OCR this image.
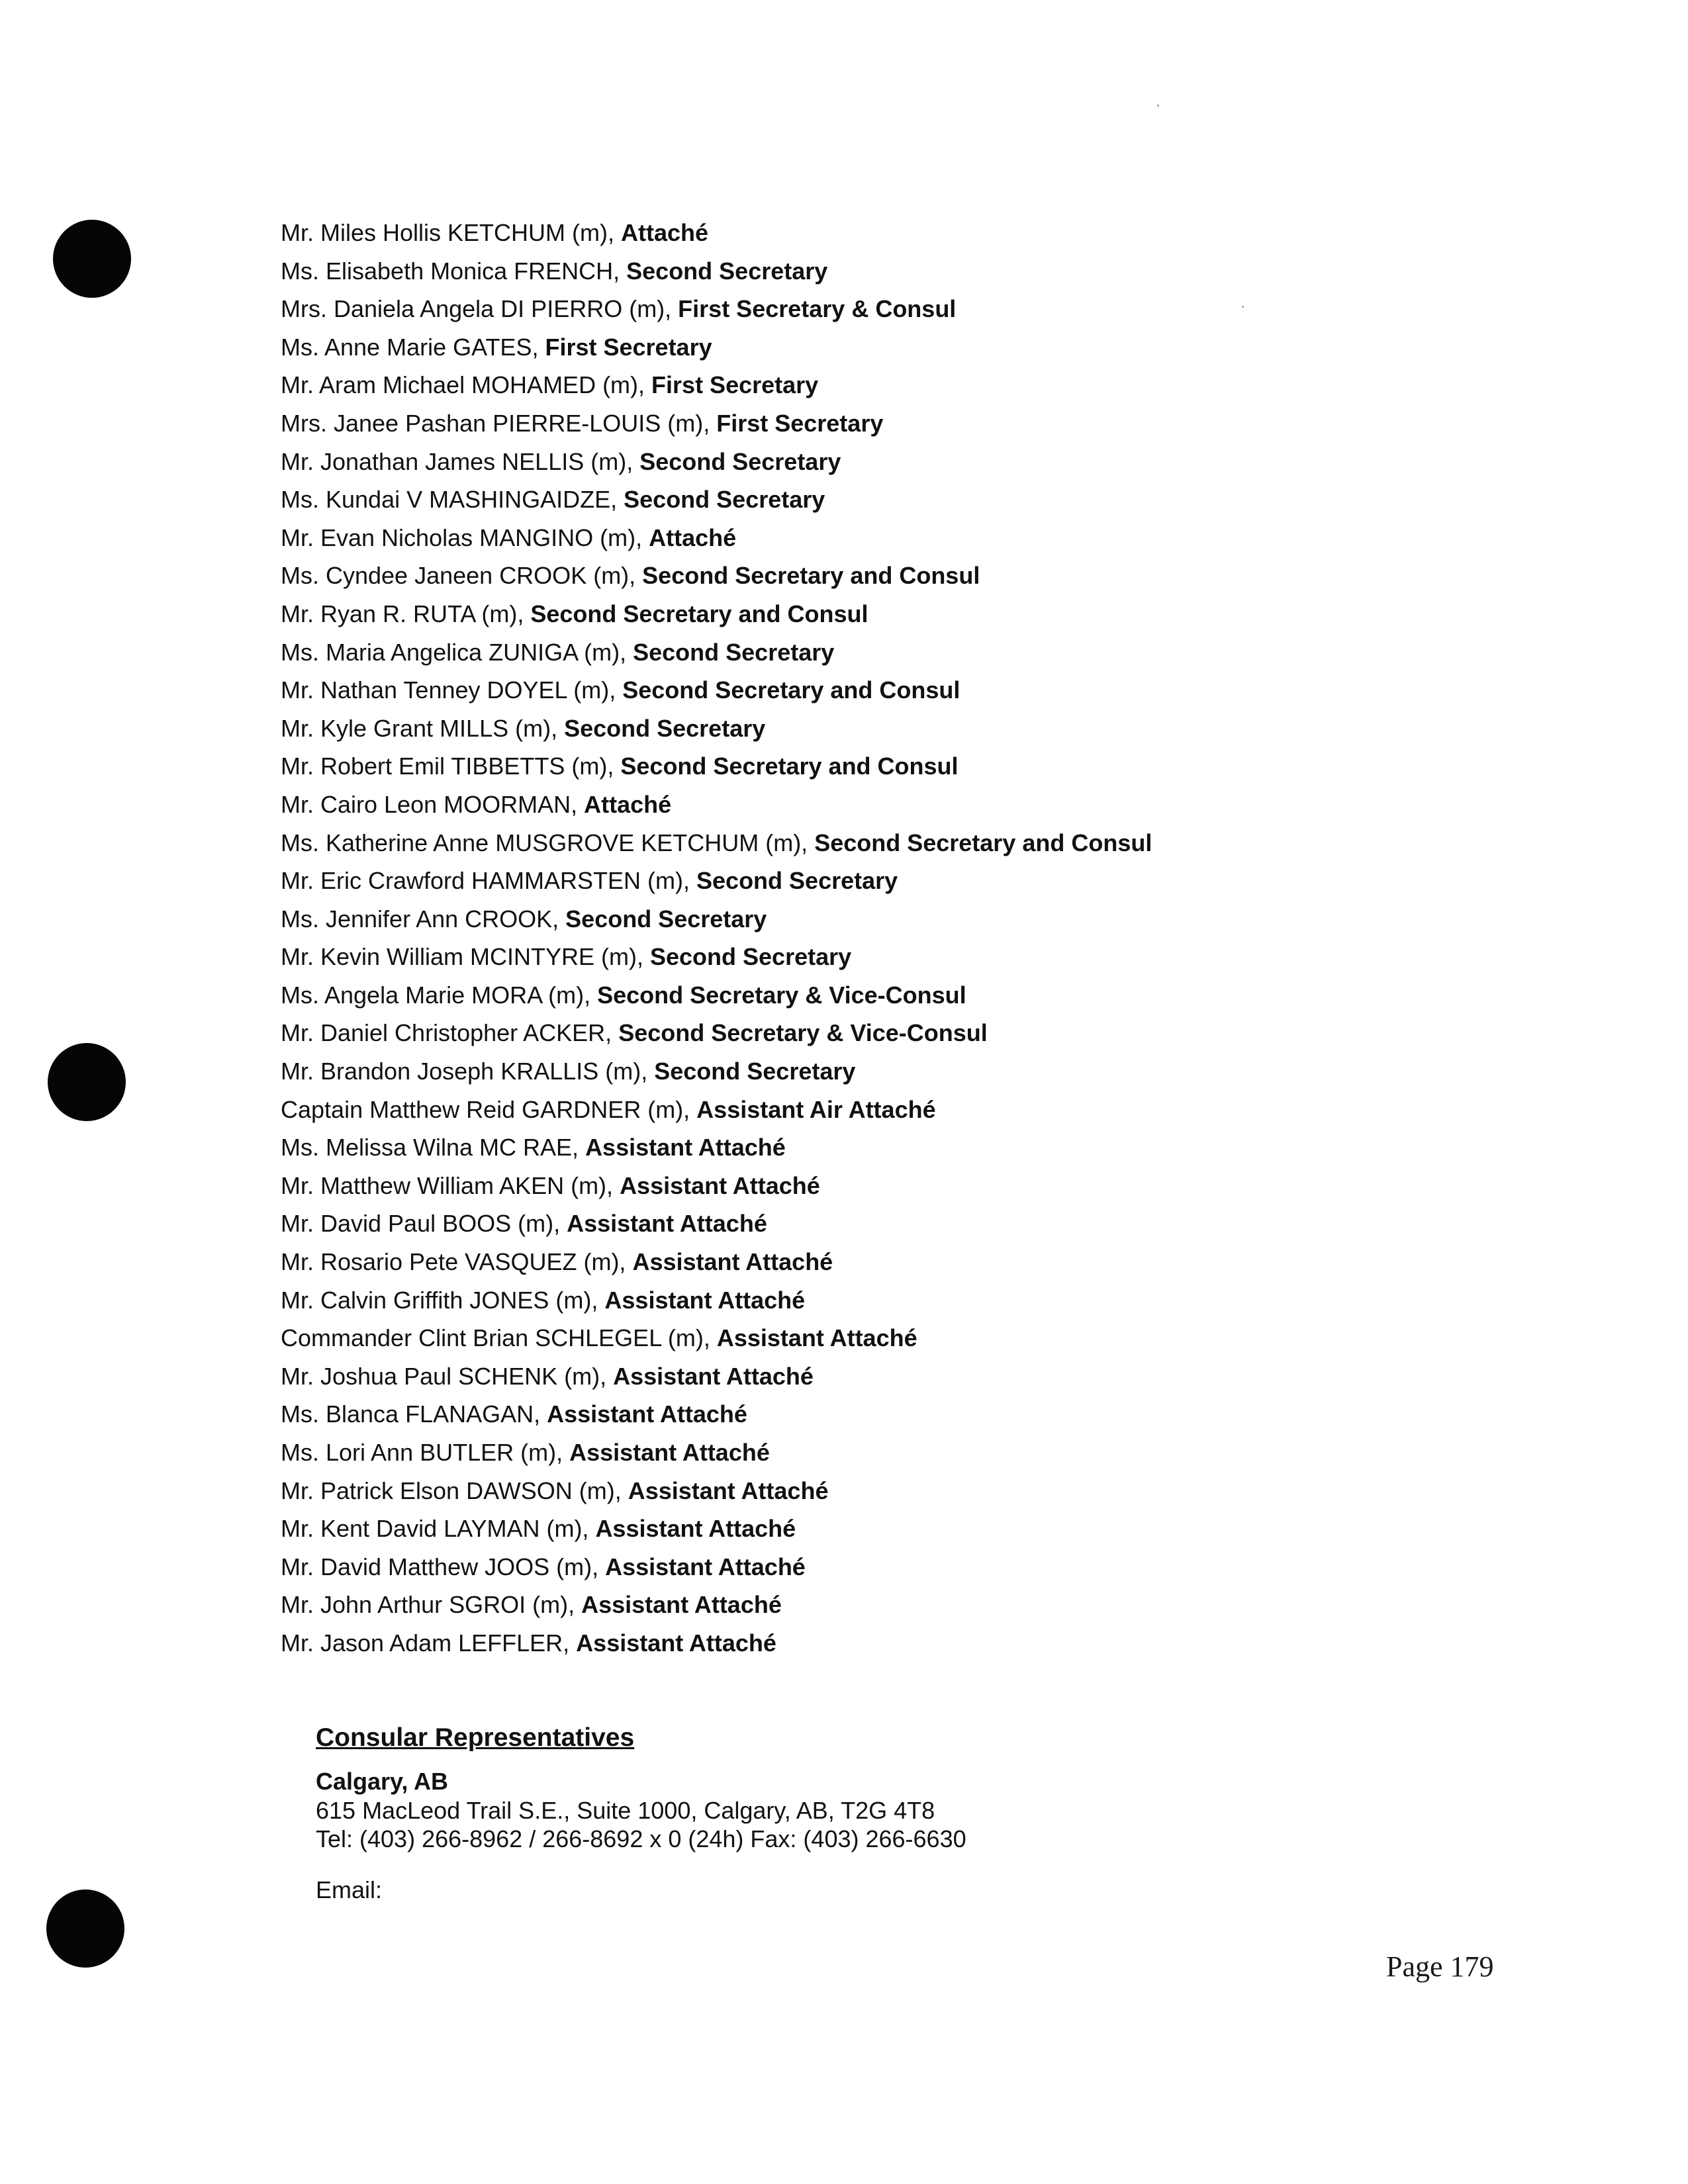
Mr. Miles Hollis KETCHUM (m), Attaché
Ms. Elisabeth Monica FRENCH, Second Secretary
Mrs. Daniela Angela DI PIERRO (m), First Secretary & Consul
Ms. Anne Marie GATES, First Secretary
Mr. Aram Michael MOHAMED (m), First Secretary
Mrs. Janee Pashan PIERRE-LOUIS (m), First Secretary
Mr. Jonathan James NELLIS (m), Second Secretary
Ms. Kundai V MASHINGAIDZE, Second Secretary
Mr. Evan Nicholas MANGINO (m), Attaché
Ms. Cyndee Janeen CROOK (m), Second Secretary and Consul
Mr. Ryan R. RUTA (m), Second Secretary and Consul
Ms. Maria Angelica ZUNIGA (m), Second Secretary
Mr. Nathan Tenney DOYEL (m), Second Secretary and Consul
Mr. Kyle Grant MILLS (m), Second Secretary
Mr. Robert Emil TIBBETTS (m), Second Secretary and Consul
Mr. Cairo Leon MOORMAN, Attaché
Ms. Katherine Anne MUSGROVE KETCHUM (m), Second Secretary and Consul
Mr. Eric Crawford HAMMARSTEN (m), Second Secretary
Ms. Jennifer Ann CROOK, Second Secretary
Mr. Kevin William MCINTYRE (m), Second Secretary
Ms. Angela Marie MORA (m), Second Secretary & Vice-Consul
Mr. Daniel Christopher ACKER, Second Secretary & Vice-Consul
Mr. Brandon Joseph KRALLIS (m), Second Secretary
Captain Matthew Reid GARDNER (m), Assistant Air Attaché
Ms. Melissa Wilna MC RAE, Assistant Attaché
Mr. Matthew William AKEN (m), Assistant Attaché
Mr. David Paul BOOS (m), Assistant Attaché
Mr. Rosario Pete VASQUEZ (m), Assistant Attaché
Mr. Calvin Griffith JONES (m), Assistant Attaché
Commander Clint Brian SCHLEGEL (m), Assistant Attaché
Mr. Joshua Paul SCHENK (m), Assistant Attaché
Ms. Blanca FLANAGAN, Assistant Attaché
Ms. Lori Ann BUTLER (m), Assistant Attaché
Mr. Patrick Elson DAWSON (m), Assistant Attaché
Mr. Kent David LAYMAN (m), Assistant Attaché
Mr. David Matthew JOOS (m), Assistant Attaché
Mr. John Arthur SGROI (m), Assistant Attaché
Mr. Jason Adam LEFFLER, Assistant Attaché
Consular Representatives
Calgary, AB
615 MacLeod Trail S.E., Suite 1000, Calgary, AB, T2G 4T8
Tel: (403) 266-8962 / 266-8692 x 0 (24h) Fax: (403) 266-6630
Email:
Page 179
